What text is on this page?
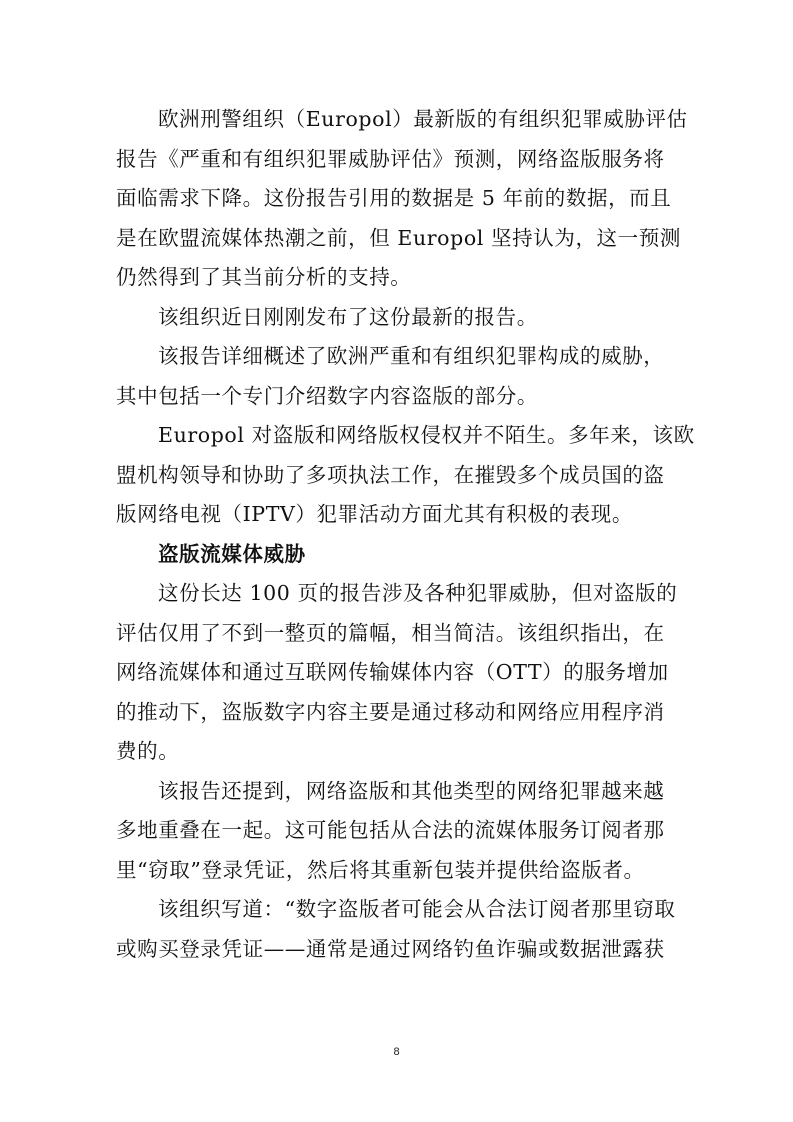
欧洲刑警组织（Europol）最新版的有组织犯罪威胁评估
报告《严重和有组织犯罪威胁评估》预测，网络盗版服务将
面临需求下降。这份报告引用的数据是 5 年前的数据，而且
是在欧盟流媒体热潮之前，但 Europol 坚持认为，这一预测
仍然得到了其当前分析的支持。

该组织近日刚刚发布了这份最新的报告。

该报告详细概述了欧洲严重和有组织犯罪构成的威胁，
其中包括一个专门介绍数字内容盗版的部分。

Europol 对盗版和网络版权侵权并不陌生。多年来，该欧
盟机构领导和协助了多项执法工作，在摧毁多个成员国的盗
版网络电视（IPTV）犯罪活动方面尤其有积极的表现。

盗版流媒体威胁

这份长达 100 页的报告涉及各种犯罪威胁，但对盗版的
评估仅用了不到一整页的篇幅，相当简洁。该组织指出，在
网络流媒体和通过互联网传输媒体内容（OTT）的服务增加
的推动下，盗版数字内容主要是通过移动和网络应用程序消
费的。

该报告还提到，网络盗版和其他类型的网络犯罪越来越
多地重叠在一起。这可能包括从合法的流媒体服务订阅者那
里“窃取”登录凭证，然后将其重新包装并提供给盗版者。

该组织写道：“数字盗版者可能会从合法订阅者那里窃取
或购买登录凭证——通常是通过网络钓鱼诈骗或数据泄露获

8
